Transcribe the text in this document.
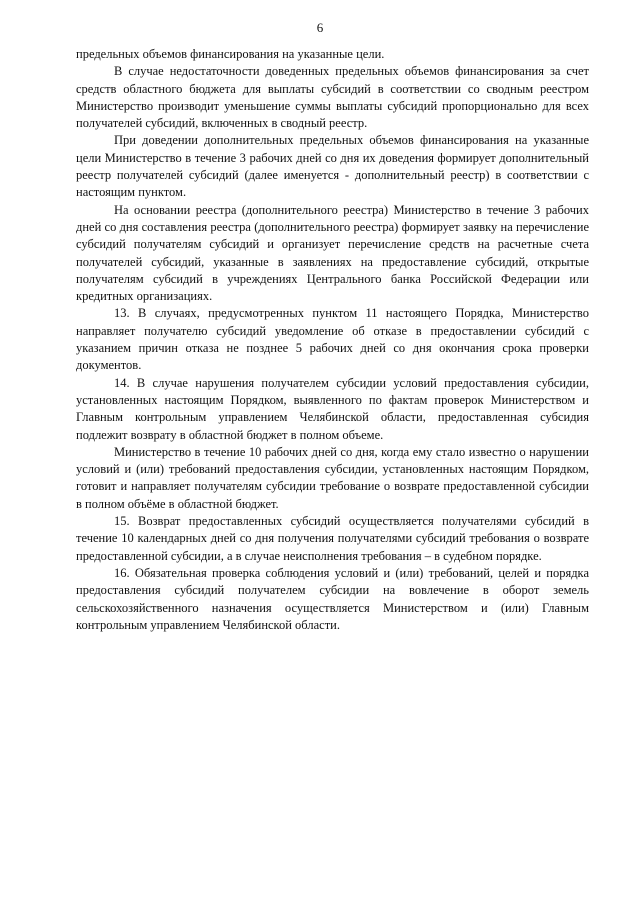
6

предельных объемов финансирования на указанные цели.

В случае недостаточности доведенных предельных объемов финансирования за счет средств областного бюджета для выплаты субсидий в соответствии со сводным реестром Министерство производит уменьшение суммы выплаты субсидий пропорционально для всех получателей субсидий, включенных в сводный реестр.

При доведении дополнительных предельных объемов финансирования на указанные цели Министерство в течение 3 рабочих дней со дня их доведения формирует дополнительный реестр получателей субсидий (далее именуется - дополнительный реестр) в соответствии с настоящим пунктом.

На основании реестра (дополнительного реестра) Министерство в течение 3 рабочих дней со дня составления реестра (дополнительного реестра) формирует заявку на перечисление субсидий получателям субсидий и организует перечисление средств на расчетные счета получателей субсидий, указанные в заявлениях на предоставление субсидий, открытые получателям субсидий в учреждениях Центрального банка Российской Федерации или кредитных организациях.

13. В случаях, предусмотренных пунктом 11 настоящего Порядка, Министерство направляет получателю субсидий уведомление об отказе в предоставлении субсидий с указанием причин отказа не позднее 5 рабочих дней со дня окончания срока проверки документов.

14. В случае нарушения получателем субсидии условий предоставления субсидии, установленных настоящим Порядком, выявленного по фактам проверок Министерством и Главным контрольным управлением Челябинской области, предоставленная субсидия подлежит возврату в областной бюджет в полном объеме.

Министерство в течение 10 рабочих дней со дня, когда ему стало известно о нарушении условий и (или) требований предоставления субсидии, установленных настоящим Порядком, готовит и направляет получателям субсидии требование о возврате предоставленной субсидии в полном объёме в областной бюджет.

15. Возврат предоставленных субсидий осуществляется получателями субсидий в течение 10 календарных дней со дня получения получателями субсидий требования о возврате предоставленной субсидии, а в случае неисполнения требования – в судебном порядке.

16. Обязательная проверка соблюдения условий и (или) требований, целей и порядка предоставления субсидий получателем субсидии на вовлечение в оборот земель сельскохозяйственного назначения осуществляется Министерством и (или) Главным контрольным управлением Челябинской области.
